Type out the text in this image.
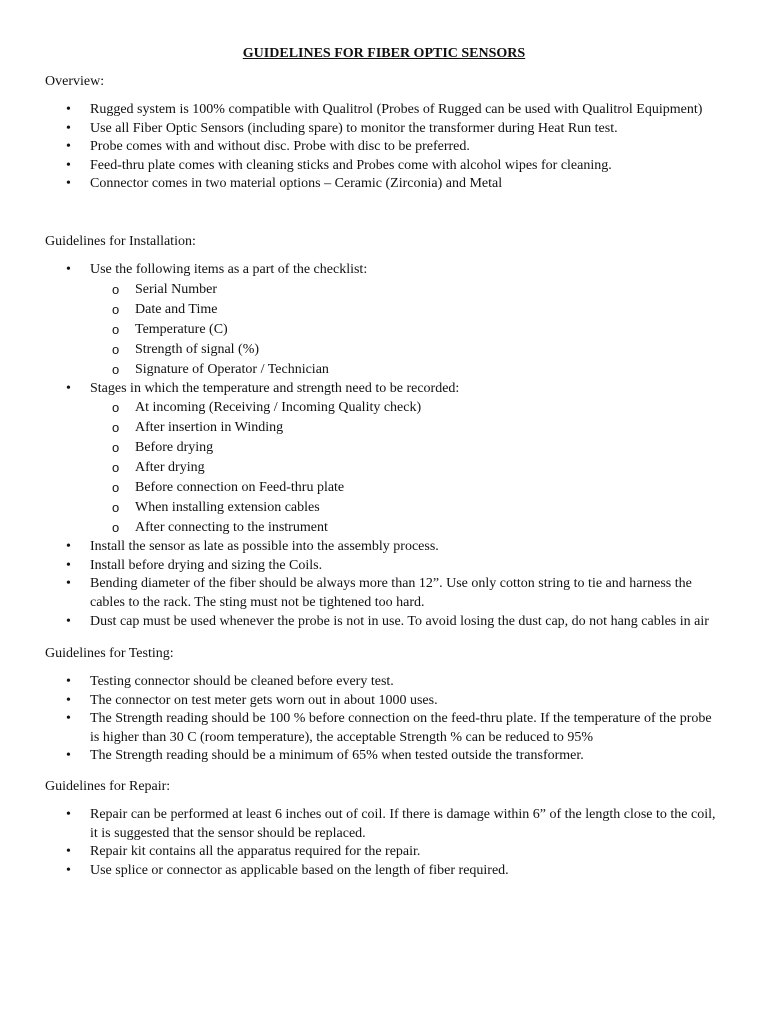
GUIDELINES FOR FIBER OPTIC SENSORS
Overview:
• Rugged system is 100% compatible with Qualitrol (Probes of Rugged can be used with Qualitrol Equipment)
• Use all Fiber Optic Sensors (including spare) to monitor the transformer during Heat Run test.
• Probe comes with and without disc. Probe with disc to be preferred.
• Feed-thru plate comes with cleaning sticks and Probes come with alcohol wipes for cleaning.
• Connector comes in two material options – Ceramic (Zirconia) and Metal
Guidelines for Installation:
• Use the following items as a part of the checklist:
o Serial Number
o Date and Time
o Temperature (C)
o Strength of signal (%)
o Signature of Operator / Technician
• Stages in which the temperature and strength need to be recorded:
o At incoming (Receiving / Incoming Quality check)
o After insertion in Winding
o Before drying
o After drying
o Before connection on Feed-thru plate
o When installing extension cables
o After connecting to the instrument
• Install the sensor as late as possible into the assembly process.
• Install before drying and sizing the Coils.
• Bending diameter of the fiber should be always more than 12”. Use only cotton string to tie and harness the cables to the rack. The sting must not be tightened too hard.
• Dust cap must be used whenever the probe is not in use. To avoid losing the dust cap, do not hang cables in air
Guidelines for Testing:
• Testing connector should be cleaned before every test.
• The connector on test meter gets worn out in about 1000 uses.
• The Strength reading should be 100 % before connection on the feed-thru plate. If the temperature of the probe is higher than 30 C (room temperature), the acceptable Strength % can be reduced to 95%
• The Strength reading should be a minimum of 65% when tested outside the transformer.
Guidelines for Repair:
• Repair can be performed at least 6 inches out of coil. If there is damage within 6” of the length close to the coil, it is suggested that the sensor should be replaced.
• Repair kit contains all the apparatus required for the repair.
• Use splice or connector as applicable based on the length of fiber required.
